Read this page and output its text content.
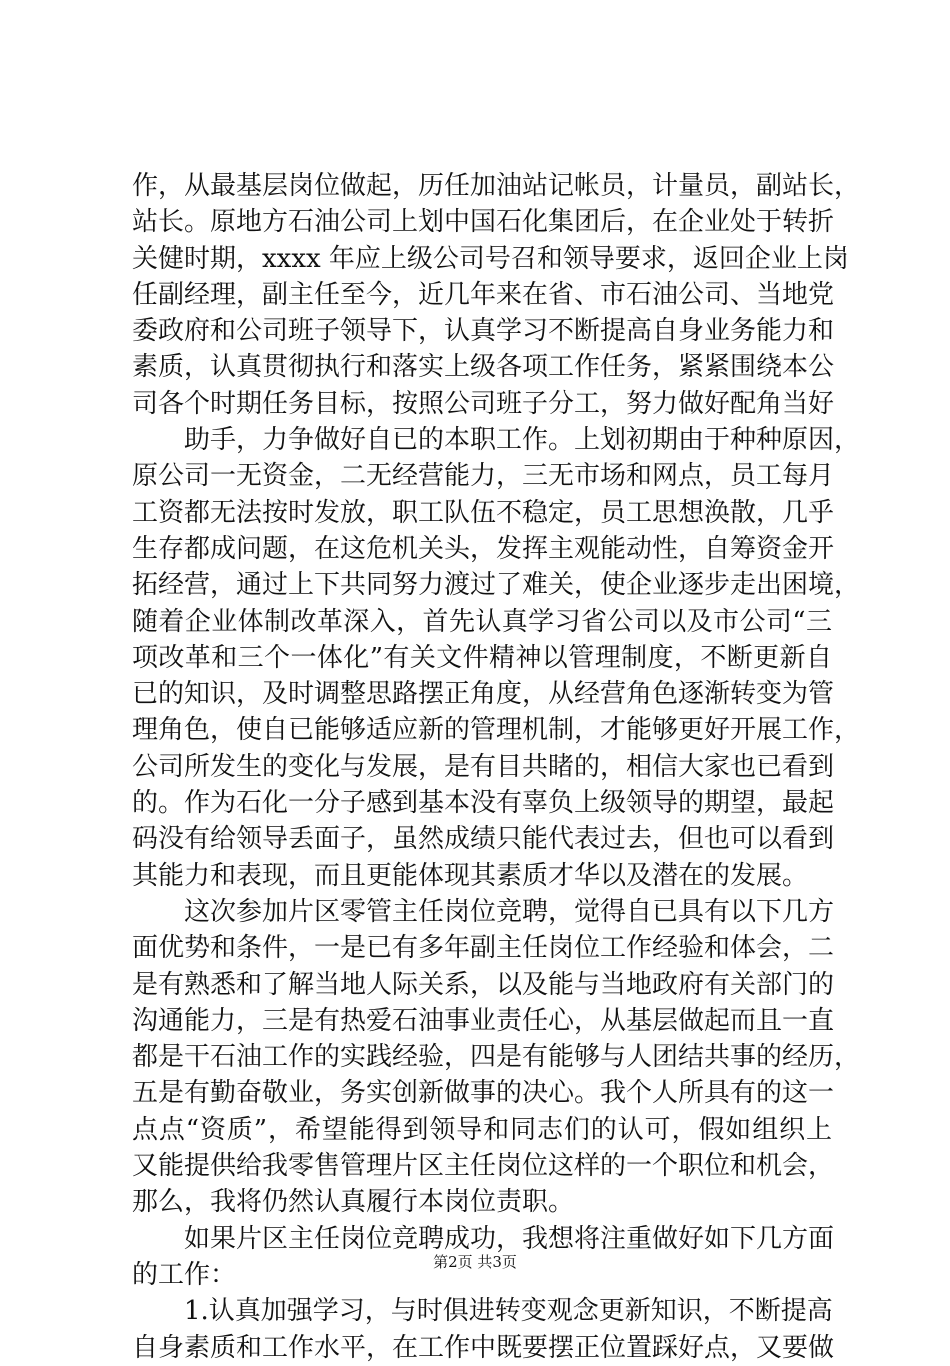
作，从最基层岗位做起，历任加油站记帐员，计量员，副站长，
站长。原地方石油公司上划中国石化集团后，在企业处于转折
关健时期，xxxx 年应上级公司号召和领导要求，返回企业上岗
任副经理，副主任至今，近几年来在省、市石油公司、当地党
委政府和公司班子领导下，认真学习不断提高自身业务能力和
素质，认真贯彻执行和落实上级各项工作任务，紧紧围绕本公
司各个时期任务目标，按照公司班子分工，努力做好配角当好
助手，力争做好自已的本职工作。上划初期由于种种原因，
原公司一无资金，二无经营能力，三无市场和网点，员工每月
工资都无法按时发放，职工队伍不稳定，员工思想涣散，几乎
生存都成问题，在这危机关头，发挥主观能动性，自筹资金开
拓经营，通过上下共同努力渡过了难关，使企业逐步走出困境，
随着企业体制改革深入，首先认真学习省公司以及市公司“三
项改革和三个一体化”有关文件精神以管理制度，不断更新自
已的知识，及时调整思路摆正角度，从经营角色逐渐转变为管
理角色，使自已能够适应新的管理机制，才能够更好开展工作，
公司所发生的变化与发展，是有目共睹的，相信大家也已看到
的。作为石化一分子感到基本没有辜负上级领导的期望，最起
码没有给领导丢面子，虽然成绩只能代表过去，但也可以看到
其能力和表现，而且更能体现其素质才华以及潜在的发展。
这次参加片区零管主任岗位竞聘，觉得自已具有以下几方
面优势和条件，一是已有多年副主任岗位工作经验和体会，二
是有熟悉和了解当地人际关系，以及能与当地政府有关部门的
沟通能力，三是有热爱石油事业责任心，从基层做起而且一直
都是干石油工作的实践经验，四是有能够与人团结共事的经历，
五是有勤奋敬业，务实创新做事的决心。我个人所具有的这一
点点“资质”，希望能得到领导和同志们的认可，假如组织上
又能提供给我零售管理片区主任岗位这样的一个职位和机会，
那么，我将仍然认真履行本岗位责职。
如果片区主任岗位竞聘成功，我想将注重做好如下几方面
的工作：
1.认真加强学习，与时俱进转变观念更新知识，不断提高
自身素质和工作水平，在工作中既要摆正位置踩好点，又要做
第2页 共3页
